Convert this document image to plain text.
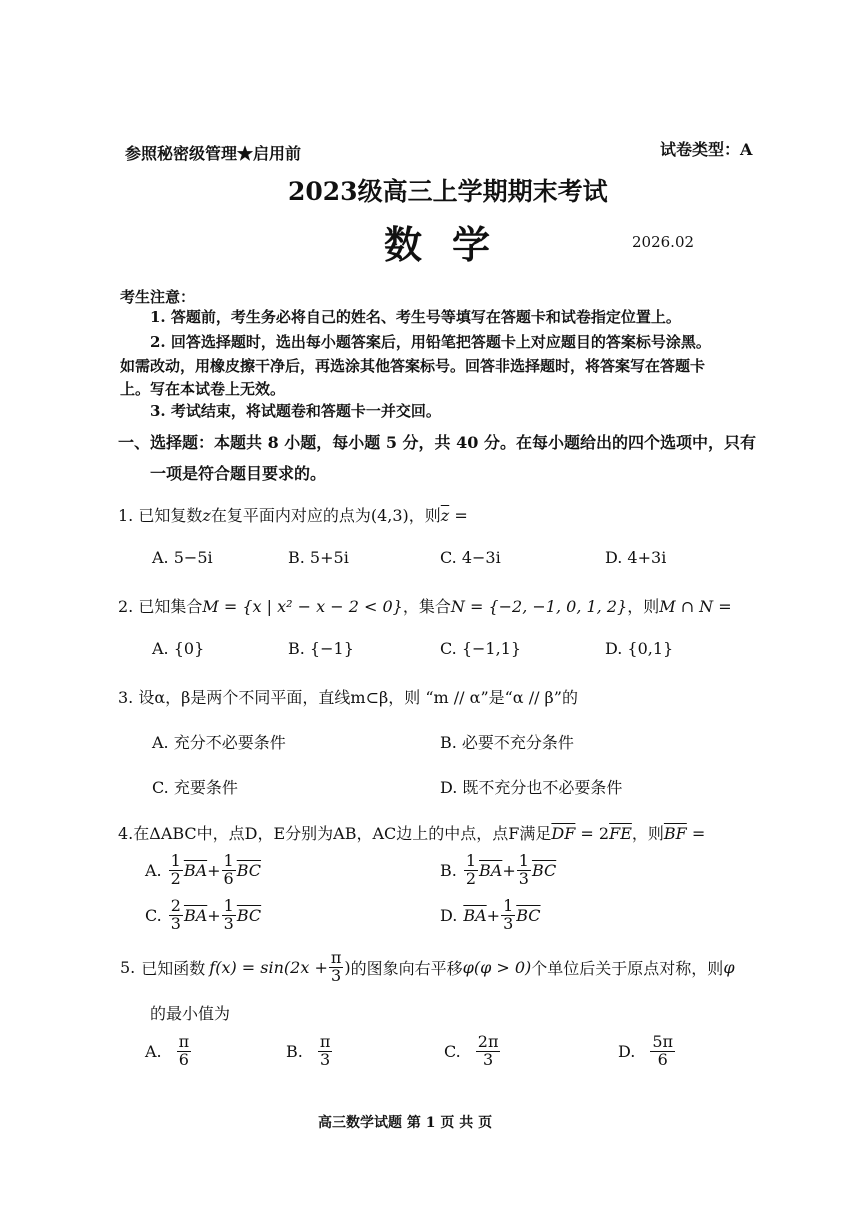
参照秘密级管理★启用前	试卷类型：A
2023级高三上学期期末考试
数学	2026.02
考生注意：
1. 答题前，考生务必将自己的姓名、考生号等填写在答题卡和试卷指定位置上。
2. 回答选择题时，选出每小题答案后，用铅笔把答题卡上对应题目的答案标号涂黑。
如需改动，用橡皮擦干净后，再选涂其他答案标号。回答非选择题时，将答案写在答题卡
上。写在本试卷上无效。
3. 考试结束，将试题卷和答题卡一并交回。
一、选择题：本题共 8 小题，每小题 5 分，共 40 分。在每小题给出的四个选项中，只有
一项是符合题目要求的。
1. 已知复数z在复平面内对应的点为(4,3)，则$\overline{z}$ =
A. 5−5i	B. 5+5i	C. 4−3i	D. 4+3i
2. 已知集合M = {x | x² − x − 2 < 0}，集合N = {−2, −1, 0, 1, 2}，则M ∩ N =
A. {0}	B. {−1}	C. {−1,1}	D. {0,1}
3. 设α，β是两个不同平面，直线m⊂β，则 “m // α”是“α // β”的
A. 充分不必要条件	B. 必要不充分条件
C. 充要条件	D. 既不充分也不必要条件
4.在ΔABC中，点D，E分别为AB，AC边上的中点，点F满足$\overline{DF} = 2\overline{FE}$，则$\overline{BF}$ =
A. $\frac{1}{2} \overline{BA} + \frac{1}{6} \overline{BC}$	B. $\frac{1}{2} \overline{BA} + \frac{1}{3} \overline{BC}$
C. $\frac{2}{3} \overline{BA} + \frac{1}{3} \overline{BC}$	D. $\overline{BA} + \frac{1}{3} \overline{BC}$
5. 已知函数 $f(x) = \sin(2x + \frac{\pi}{3}$ ) 的图象向右平移 φ(φ > 0) 个单位后关于原点对称，则 φ
的最小值为
A. $\frac{\pi}{6}$	B. $\frac{\pi}{3}$	C. $\frac{2\pi}{3}$	D. $\frac{5\pi}{6}$
高三数学试题 第 1 页 共 页
